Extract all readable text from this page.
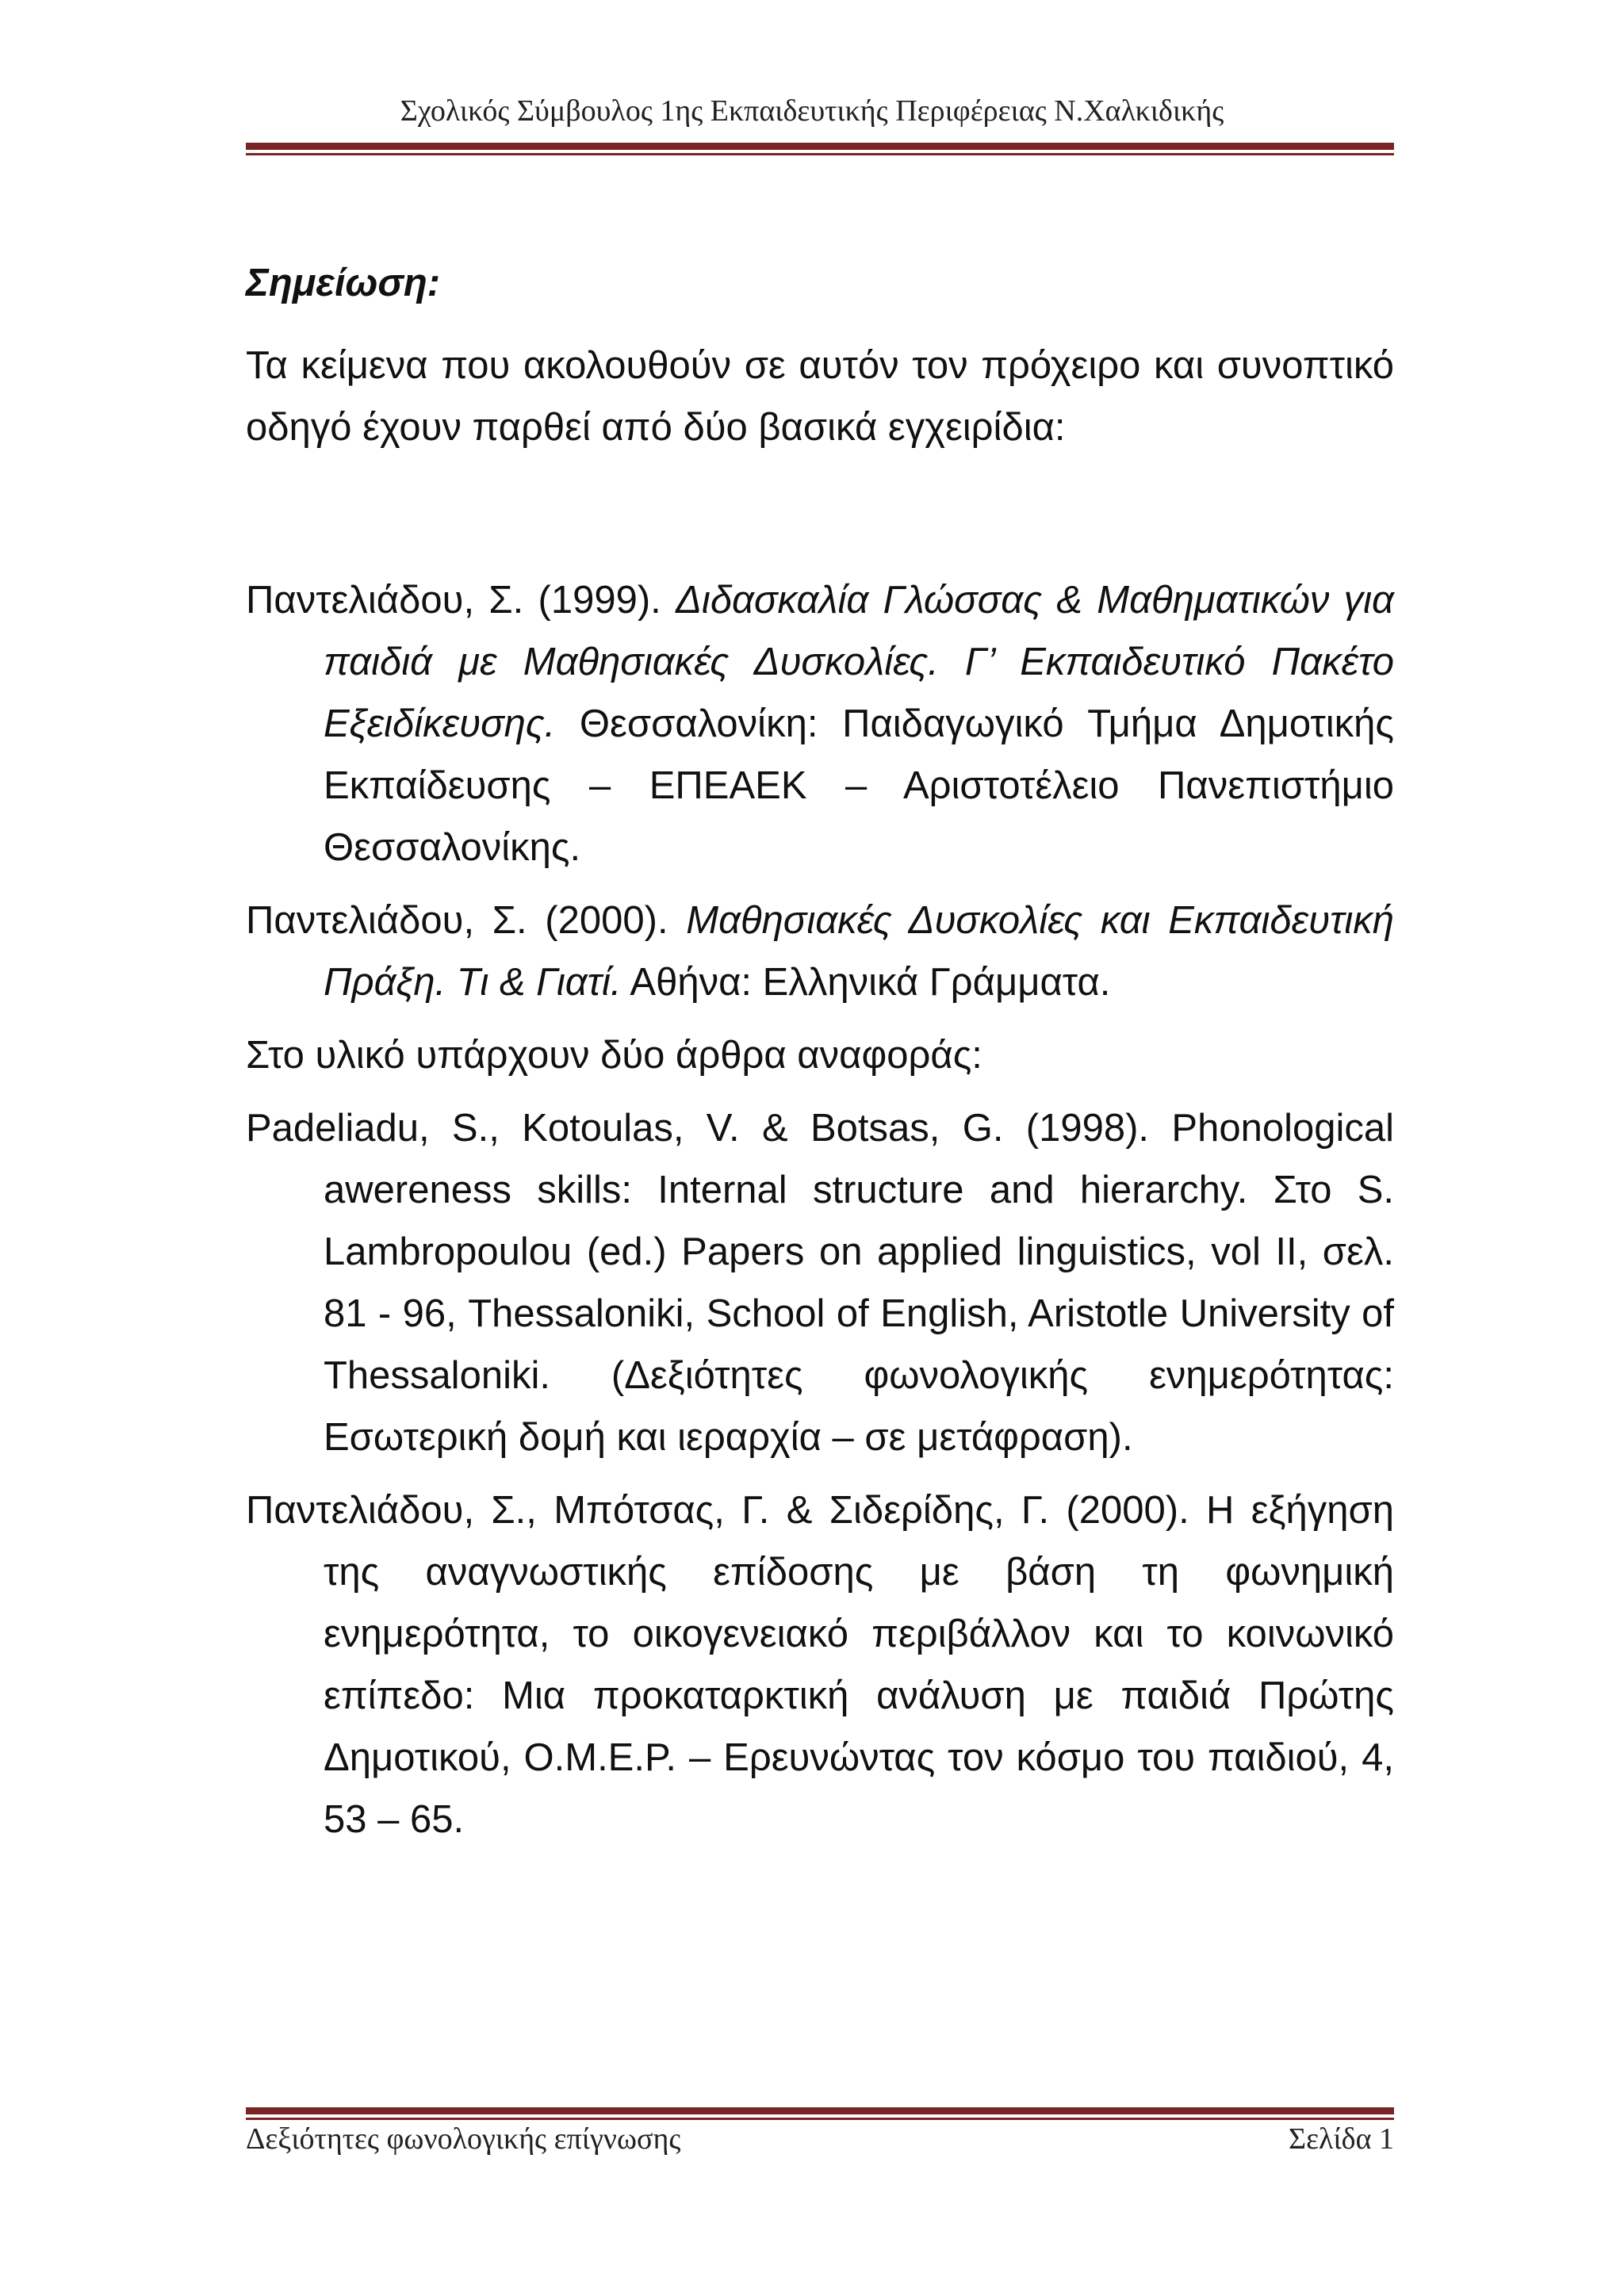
Σχολικός Σύμβουλος 1ης Εκπαιδευτικής Περιφέρειας Ν.Χαλκιδικής

Σημείωση:

Τα κείμενα που ακολουθούν σε αυτόν τον πρόχειρο και συνοπτικό οδηγό έχουν παρθεί από δύο βασικά εγχειρίδια:

Παντελιάδου, Σ. (1999). Διδασκαλία Γλώσσας & Μαθηματικών για παιδιά με Μαθησιακές Δυσκολίες. Γ’ Εκπαιδευτικό Πακέτο Εξειδίκευσης. Θεσσαλονίκη: Παιδαγωγικό Τμήμα Δημοτικής Εκπαίδευσης – ΕΠΕΑΕΚ – Αριστοτέλειο Πανεπιστήμιο Θεσσαλονίκης.

Παντελιάδου, Σ. (2000). Μαθησιακές Δυσκολίες και Εκπαιδευτική Πράξη. Τι & Γιατί. Αθήνα: Ελληνικά Γράμματα.

Στο υλικό υπάρχουν δύο άρθρα αναφοράς:

Padeliadu, S., Kotoulas, V. & Botsas, G. (1998). Phonological awereness skills: Internal structure and hierarchy. Στο S. Lambropoulou (ed.) Papers on applied linguistics, vol II, σελ. 81 - 96, Thessaloniki, School of English, Aristotle University of Thessaloniki. (Δεξιότητες φωνολογικής ενημερότητας: Εσωτερική δομή και ιεραρχία – σε μετάφραση).

Παντελιάδου, Σ., Μπότσας, Γ. & Σιδερίδης, Γ. (2000). Η εξήγηση της αναγνωστικής επίδοσης με βάση τη φωνημική ενημερότητα, το οικογενειακό περιβάλλον και το κοινωνικό επίπεδο: Μια προκαταρκτική ανάλυση με παιδιά Πρώτης Δημοτικού, Ο.Μ.Ε.Ρ. – Ερευνώντας τον κόσμο του παιδιού, 4, 53 – 65.

Δεξιότητες φωνολογικής επίγνωσης	Σελίδα 1
